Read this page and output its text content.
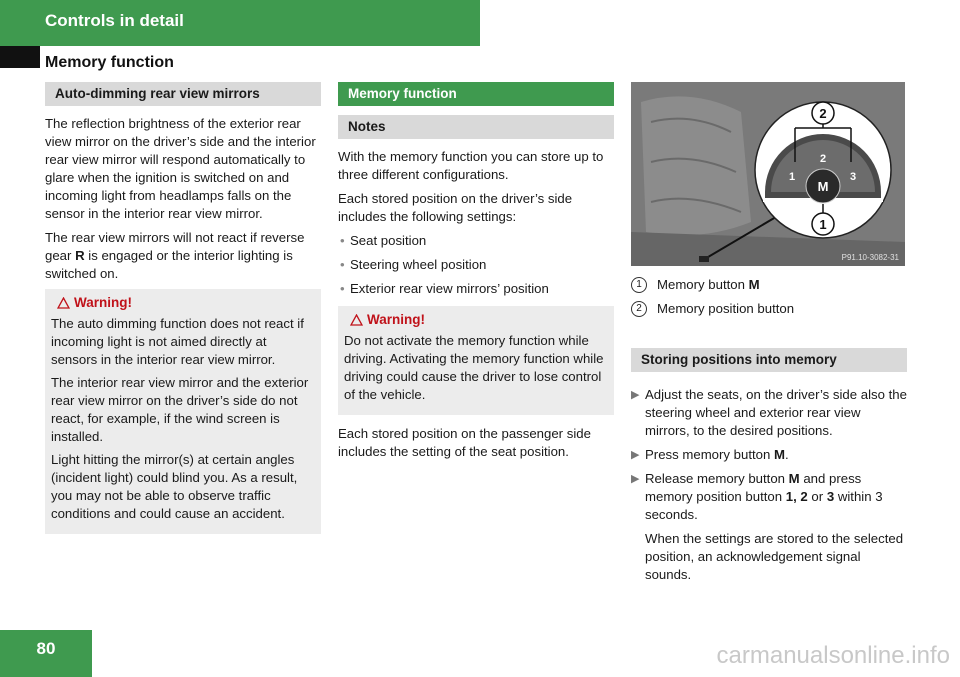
Controls in detail
Memory function
Auto-dimming rear view mirrors

The reflection brightness of the exterior rear view mirror on the driver’s side and the interior rear view mirror will respond automatically to glare when the ignition is switched on and incoming light from headlamps falls on the sensor in the interior rear view mirror.

The rear view mirrors will not react if reverse gear R is engaged or the interior lighting is switched on.

Warning!

The auto dimming function does not react if incoming light is not aimed directly at sensors in the interior rear view mirror.

The interior rear view mirror and the exterior rear view mirror on the driver’s side do not react, for example, if the wind screen is installed.

Light hitting the mirror(s) at certain angles (incident light) could blind you. As a result, you may not be able to observe traffic conditions and could cause an accident.

Memory function
Notes

With the memory function you can store up to three different configurations.

Each stored position on the driver’s side includes the following settings:

• Seat position
• Steering wheel position
• Exterior rear view mirrors’ position
Warning!

Do not activate the memory function while driving. Activating the memory function while driving could cause the driver to lose control of the vehicle.

Each stored position on the passenger side includes the setting of the seat position.

2
1
1
2
3
M
P91.10-3082-31
1	Memory button M
2	Memory position button
Storing positions into memory
▶ Adjust the seats, on the driver’s side also the steering wheel and exterior rear view mirrors, to the desired positions.
▶ Press memory button M.
▶ Release memory button M and press memory position button 1, 2 or 3 within 3 seconds.

When the settings are stored to the selected position, an acknowledgement signal sounds.

80	carmanualsonline.info
